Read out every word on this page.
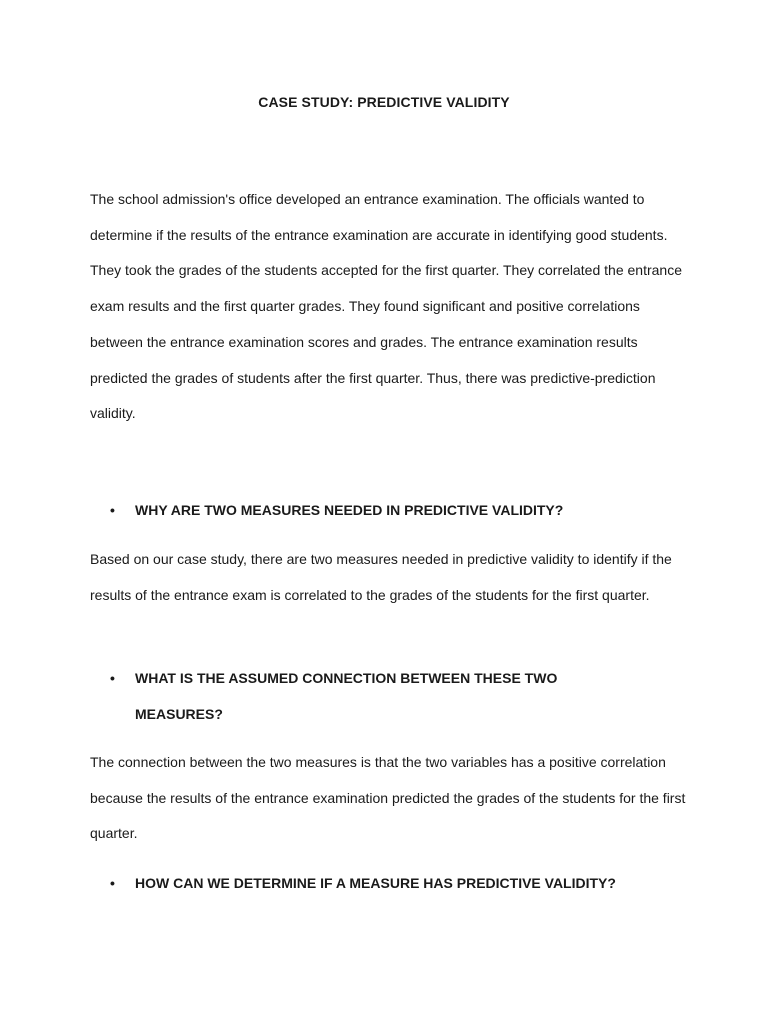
CASE STUDY: PREDICTIVE VALIDITY

The school admission's office developed an entrance examination. The officials wanted to determine if the results of the entrance examination are accurate in identifying good students. They took the grades of the students accepted for the first quarter. They correlated the entrance exam results and the first quarter grades. They found significant and positive correlations between the entrance examination scores and grades. The entrance examination results predicted the grades of students after the first quarter. Thus, there was predictive-prediction validity.

•	WHY ARE TWO MEASURES NEEDED IN PREDICTIVE VALIDITY?

Based on our case study, there are two measures needed in predictive validity to identify if the results of the entrance exam is correlated to the grades of the students for the first quarter.

•	WHAT IS THE ASSUMED CONNECTION BETWEEN THESE TWO MEASURES?

The connection between the two measures is that the two variables has a positive correlation because the results of the entrance examination predicted the grades of the students for the first quarter.

•	HOW CAN WE DETERMINE IF A MEASURE HAS PREDICTIVE VALIDITY?
